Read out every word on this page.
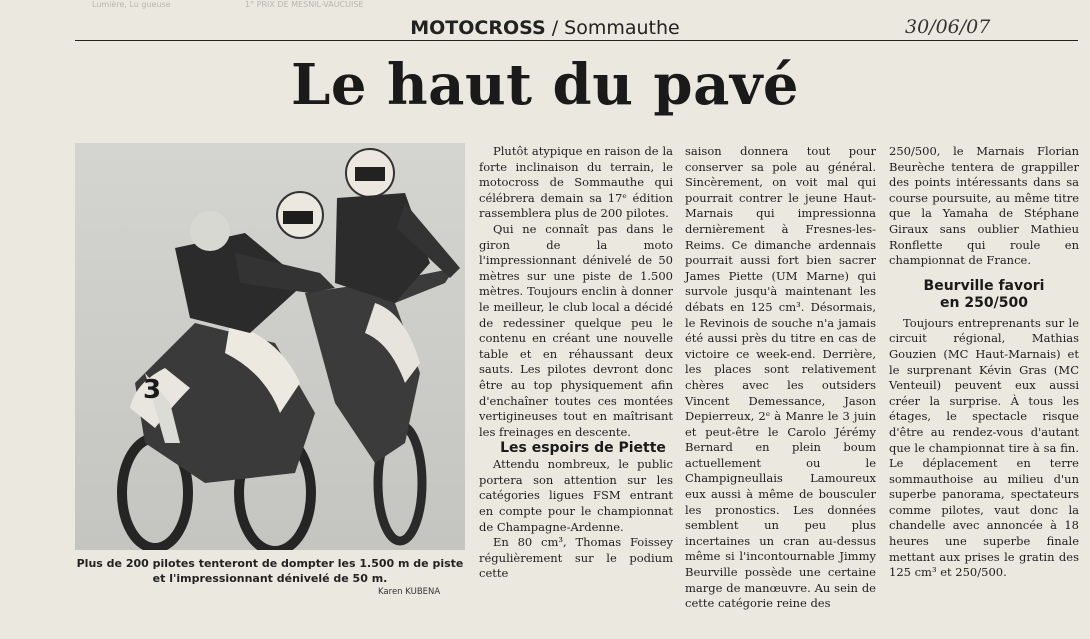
Lumière, Lu gueuse	1° PRIX DE MESNIL-VAUCUISE
MOTOCROSS / Sommauthe	30/06/07
Le haut du pavé
3
Plus de 200 pilotes tenteront de dompter les 1.500 m de piste
et l'impressionnant dénivelé de 50 m.
Karen KUBENA

Plutôt atypique en raison de la forte inclinaison du terrain, le motocross de Sommauthe qui célébrera demain sa 17ᵉ édition rassemblera plus de 200 pilotes.

Qui ne connaît pas dans le giron de la moto l'impressionnant dénivelé de 50 mètres sur une piste de 1.500 mètres. Toujours enclin à donner le meilleur, le club local a décidé de redessiner quelque peu le contenu en créant une nouvelle table et en réhaussant deux sauts. Les pilotes devront donc être au top physiquement afin d'enchaîner toutes ces montées vertigineuses tout en maîtrisant les freinages en descente.

Les espoirs de Piette

Attendu nombreux, le public portera son attention sur les catégories ligues FSM entrant en compte pour le championnat de Champagne-Ardenne.

En 80 cm³, Thomas Foissey régulièrement sur le podium cette

saison donnera tout pour conserver sa pole au général. Sincèrement, on voit mal qui pourrait contrer le jeune Haut-Marnais qui impressionna dernièrement à Fresnes-les-Reims. Ce dimanche ardennais pourrait aussi fort bien sacrer James Piette (UM Marne) qui survole jusqu'à maintenant les débats en 125 cm³. Désormais, le Revinois de souche n'a jamais été aussi près du titre en cas de victoire ce week-end. Derrière, les places sont relativement chères avec les outsiders Vincent Demessance, Jason Depierreux, 2ᵉ à Manre le 3 juin et peut-être le Carolo Jérémy Bernard en plein boum actuellement ou le Champigneullais Lamoureux eux aussi à même de bousculer les pronostics. Les données semblent un peu plus incertaines un cran au-dessus même si l'incontournable Jimmy Beurville possède une certaine marge de manœuvre. Au sein de cette catégorie reine des

250/500, le Marnais Florian Beurèche tentera de grappiller des points intéressants dans sa course poursuite, au même titre que la Yamaha de Stéphane Giraux sans oublier Mathieu Ronflette qui roule en championnat de France.

Beurville favori
en 250/500

Toujours entreprenants sur le circuit régional, Mathias Gouzien (MC Haut-Marnais) et le surprenant Kévin Gras (MC Venteuil) peuvent eux aussi créer la surprise. À tous les étages, le spectacle risque d'être au rendez-vous d'autant que le championnat tire à sa fin. Le déplacement en terre sommauthoise au milieu d'un superbe panorama, spectateurs comme pilotes, vaut donc la chandelle avec annoncée à 18 heures une superbe finale mettant aux prises le gratin des 125 cm³ et 250/500.
